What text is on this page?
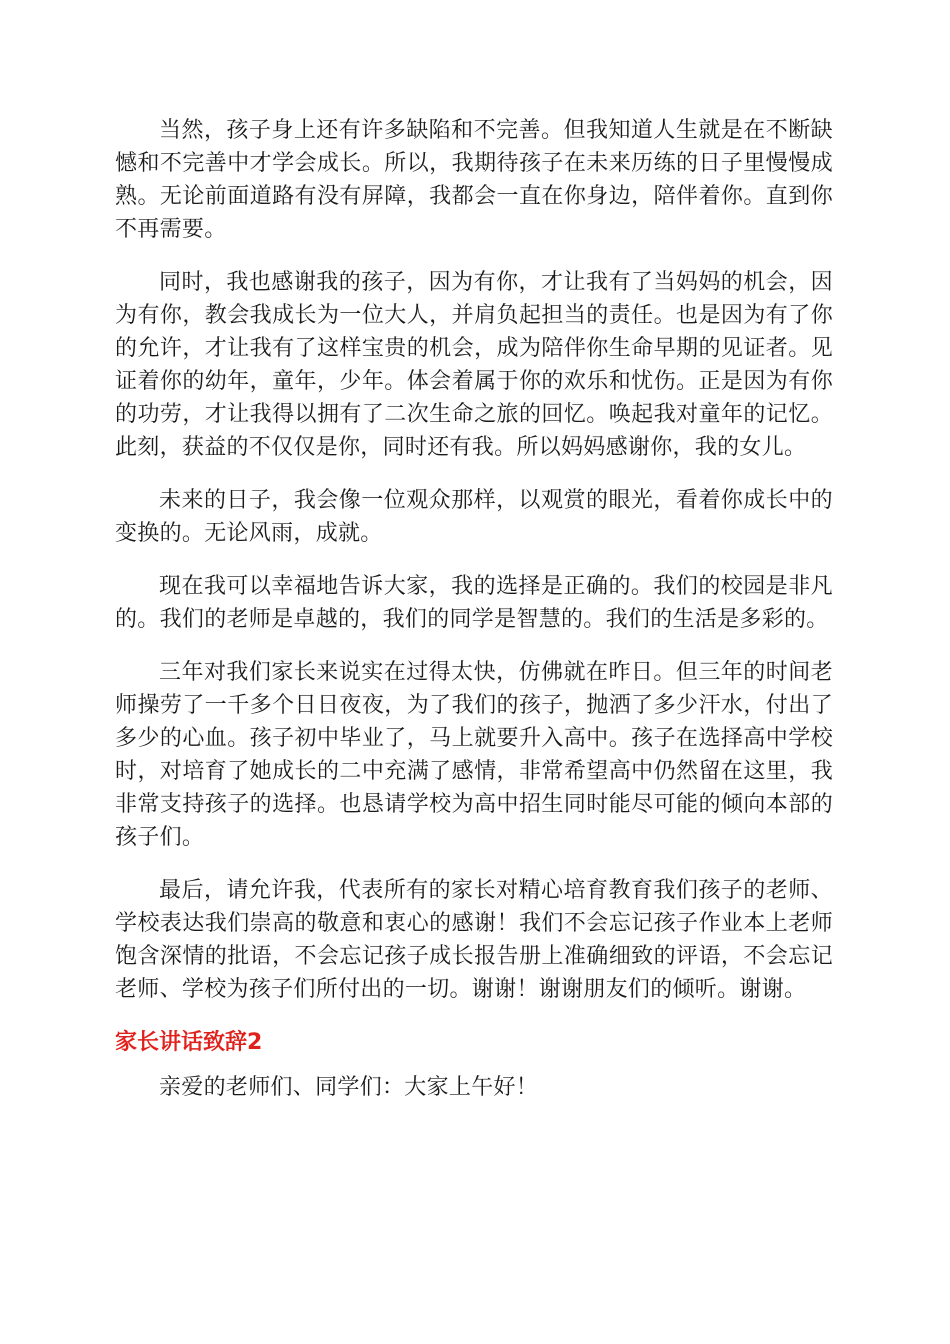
当然，孩子身上还有许多缺陷和不完善。但我知道人生就是在不断缺憾和不完善中才学会成长。所以，我期待孩子在未来历练的日子里慢慢成熟。无论前面道路有没有屏障，我都会一直在你身边，陪伴着你。直到你不再需要。

同时，我也感谢我的孩子，因为有你，才让我有了当妈妈的机会，因为有你，教会我成长为一位大人，并肩负起担当的责任。也是因为有了你的允许，才让我有了这样宝贵的机会，成为陪伴你生命早期的见证者。见证着你的幼年，童年，少年。体会着属于你的欢乐和忧伤。正是因为有你的功劳，才让我得以拥有了二次生命之旅的回忆。唤起我对童年的记忆。此刻，获益的不仅仅是你，同时还有我。所以妈妈感谢你，我的女儿。

未来的日子，我会像一位观众那样，以观赏的眼光，看着你成长中的变换的。无论风雨，成就。

现在我可以幸福地告诉大家，我的选择是正确的。我们的校园是非凡的。我们的老师是卓越的，我们的同学是智慧的。我们的生活是多彩的。

三年对我们家长来说实在过得太快，仿佛就在昨日。但三年的时间老师操劳了一千多个日日夜夜，为了我们的孩子，抛洒了多少汗水，付出了多少的心血。孩子初中毕业了，马上就要升入高中。孩子在选择高中学校时，对培育了她成长的二中充满了感情，非常希望高中仍然留在这里，我非常支持孩子的选择。也恳请学校为高中招生同时能尽可能的倾向本部的孩子们。

最后，请允许我，代表所有的家长对精心培育教育我们孩子的老师、学校表达我们崇高的敬意和衷心的感谢！我们不会忘记孩子作业本上老师饱含深情的批语，不会忘记孩子成长报告册上准确细致的评语，不会忘记老师、学校为孩子们所付出的一切。谢谢！谢谢朋友们的倾听。谢谢。

家长讲话致辞2

亲爱的老师们、同学们：大家上午好！
